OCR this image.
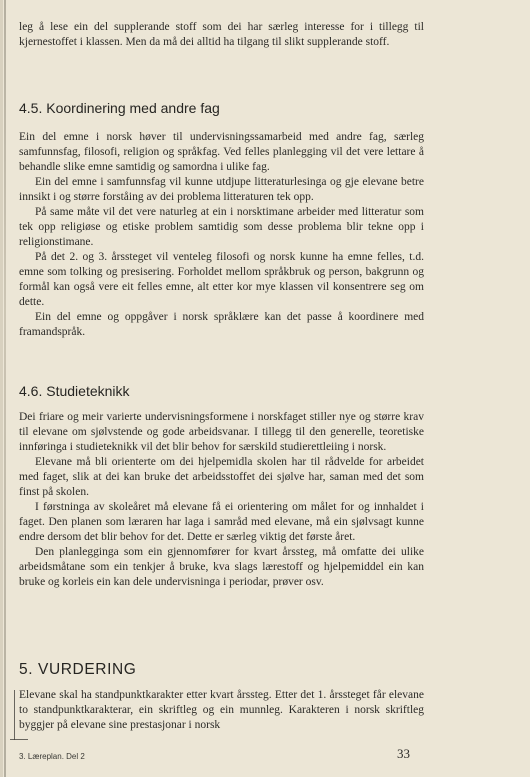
leg å lese ein del supplerande stoff som dei har særleg interesse for i tillegg til kjernestoffet i klassen. Men da må dei alltid ha tilgang til slikt supplerande stoff.

4.5. Koordinering med andre fag

Ein del emne i norsk høver til undervisningssamarbeid med andre fag, særleg samfunnsfag, filosofi, religion og språkfag. Ved felles planlegging vil det vere lettare å behandle slike emne samtidig og samordna i ulike fag.

Ein del emne i samfunnsfag vil kunne utdjupe litteraturlesinga og gje elevane betre innsikt i og større forståing av dei problema litteraturen tek opp.

På same måte vil det vere naturleg at ein i norsktimane arbeider med litteratur som tek opp religiøse og etiske problem samtidig som desse problema blir tekne opp i religionstimane.

På det 2. og 3. årssteget vil venteleg filosofi og norsk kunne ha emne felles, t.d. emne som tolking og presisering. Forholdet mellom språkbruk og person, bakgrunn og formål kan også vere eit felles emne, alt etter kor mye klassen vil konsentrere seg om dette.

Ein del emne og oppgåver i norsk språklære kan det passe å koordinere med framandspråk.

4.6. Studieteknikk

Dei friare og meir varierte undervisningsformene i norskfaget stiller nye og større krav til elevane om sjølvstende og gode arbeidsvanar. I tillegg til den generelle, teoretiske innføringa i studieteknikk vil det blir behov for særskild studierettleiing i norsk.

Elevane må bli orienterte om dei hjelpemidla skolen har til rådvelde for arbeidet med faget, slik at dei kan bruke det arbeidsstoffet dei sjølve har, saman med det som finst på skolen.

I førstninga av skoleåret må elevane få ei orientering om målet for og innhaldet i faget. Den planen som læraren har laga i samråd med elevane, må ein sjølvsagt kunne endre dersom det blir behov for det. Dette er særleg viktig det første året.

Den planlegginga som ein gjennomfører for kvart årssteg, må omfatte dei ulike arbeidsmåtane som ein tenkjer å bruke, kva slags lærestoff og hjelpemiddel ein kan bruke og korleis ein kan dele undervisninga i periodar, prøver osv.

5. VURDERING

Elevane skal ha standpunktkarakter etter kvart årssteg. Etter det 1. årssteget får elevane to standpunktkarakterar, ein skriftleg og ein munnleg. Karakteren i norsk skriftleg byggjer på elevane sine prestasjonar i norsk

3. Læreplan. Del 2	33
